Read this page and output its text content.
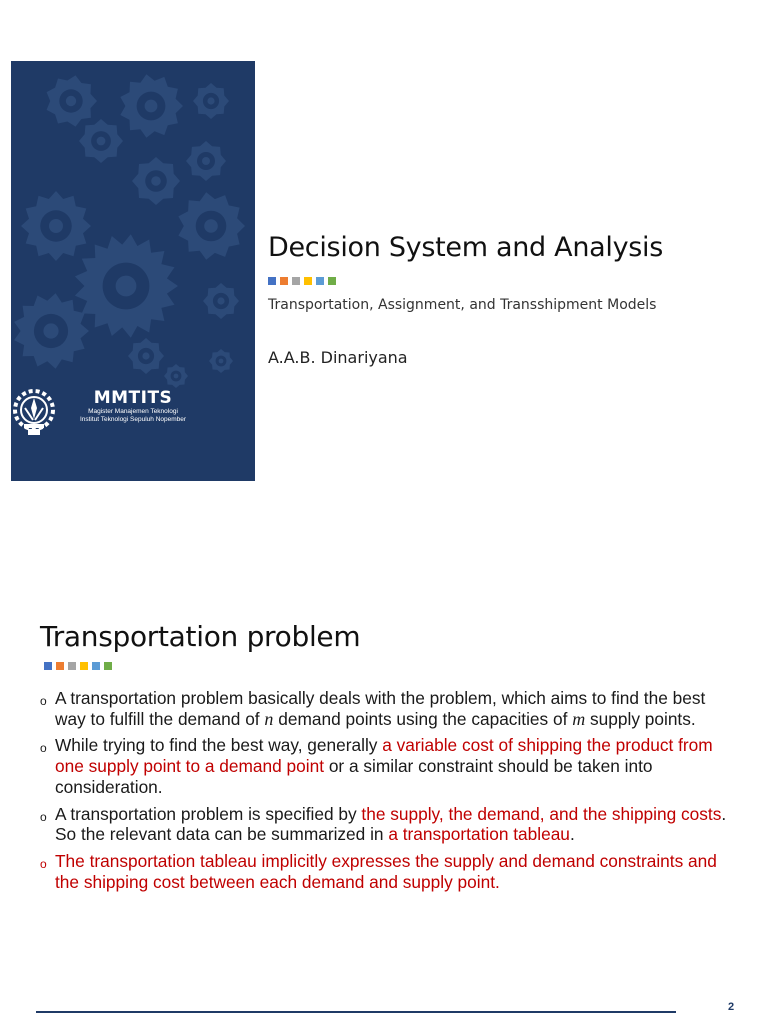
MMTITS
Magister Manajemen Teknologi
Institut Teknologi Sepuluh Nopember
Decision System and Analysis
Transportation, Assignment, and Transshipment Models
A.A.B. Dinariyana
Transportation problem
o A transportation problem basically deals with the problem, which aims to find the best way to fulfill the demand of n demand points using the capacities of m supply points.
o While trying to find the best way, generally a variable cost of shipping the product from one supply point to a demand point or a similar constraint should be taken into consideration.
o A transportation problem is specified by the supply, the demand, and the shipping costs. So the relevant data can be summarized in a transportation tableau.
o The transportation tableau implicitly expresses the supply and demand constraints and the shipping cost between each demand and supply point.
2
